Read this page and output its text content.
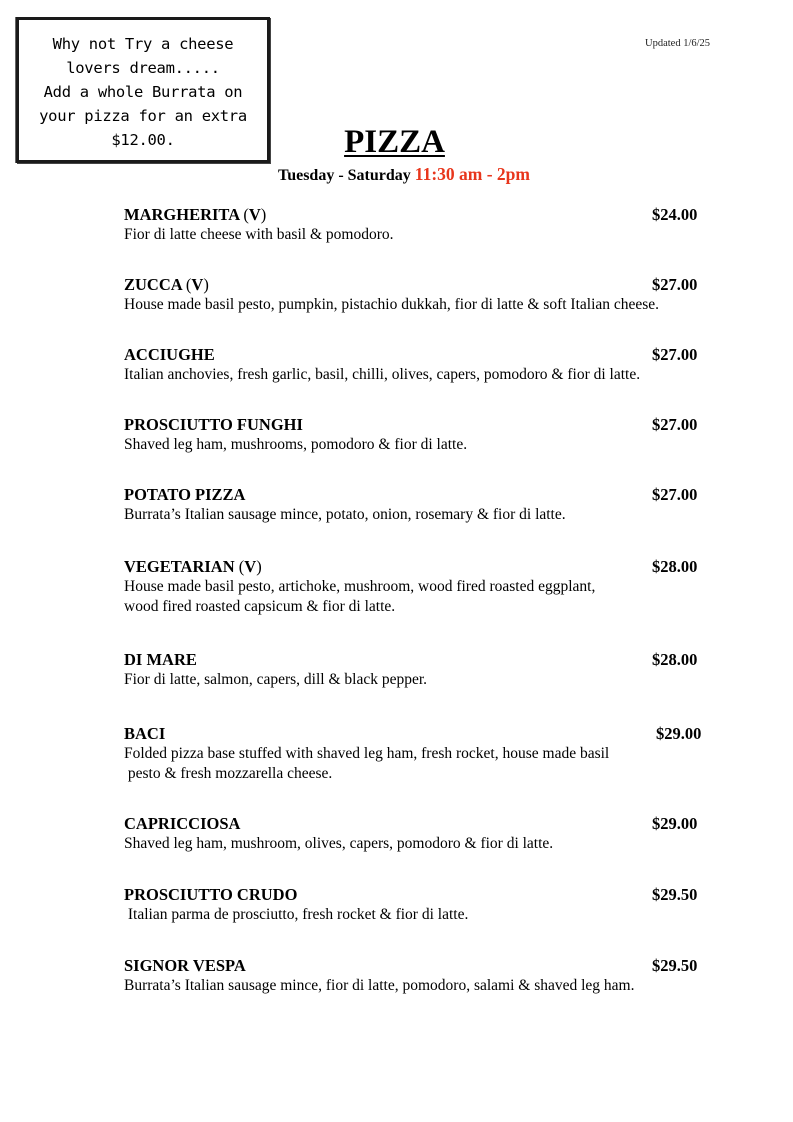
Why not Try a cheese
lovers dream.....
Add a whole Burrata on
your pizza for an extra
$12.00.
Updated 1/6/25
PIZZA
Tuesday - Saturday 11:30 am - 2pm
MARGHERITA (V)	$24.00
Fior di latte cheese with basil & pomodoro.
ZUCCA (V)	$27.00
House made basil pesto, pumpkin, pistachio dukkah, fior di latte & soft Italian cheese.
ACCIUGHE	$27.00
Italian anchovies, fresh garlic, basil, chilli, olives, capers, pomodoro & fior di latte.
PROSCIUTTO FUNGHI	$27.00
Shaved leg ham, mushrooms, pomodoro & fior di latte.
POTATO PIZZA	$27.00
Burrata’s Italian sausage mince, potato, onion, rosemary & fior di latte.
VEGETARIAN (V)	$28.00
House made basil pesto, artichoke, mushroom, wood fired roasted eggplant,
wood fired roasted capsicum & fior di latte.
DI MARE	$28.00
Fior di latte, salmon, capers, dill & black pepper.
BACI	$29.00
Folded pizza base stuffed with shaved leg ham, fresh rocket, house made basil
pesto & fresh mozzarella cheese.
CAPRICCIOSA	$29.00
Shaved leg ham, mushroom, olives, capers, pomodoro & fior di latte.
PROSCIUTTO CRUDO	$29.50
Italian parma de prosciutto, fresh rocket & fior di latte.
SIGNOR VESPA	$29.50
Burrata’s Italian sausage mince, fior di latte, pomodoro, salami & shaved leg ham.
